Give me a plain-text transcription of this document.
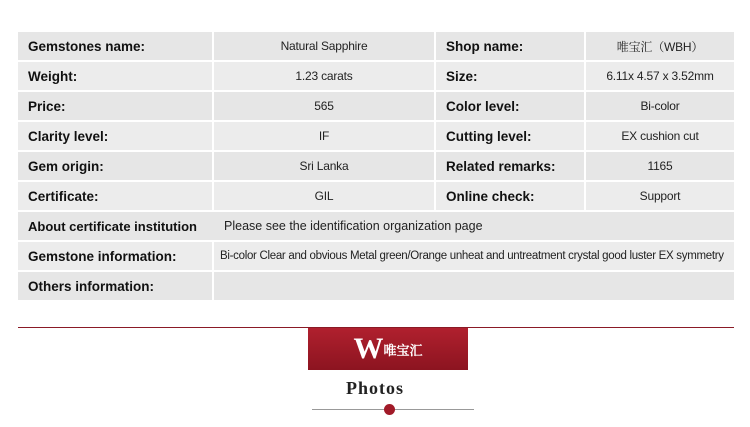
Gemstones name:	Natural Sapphire	Shop name:	唯宝汇（WBH）
Weight:	1.23 carats	Size:	6.11x 4.57 x 3.52mm
Price:	565	Color level:	Bi-color
Clarity level:	IF	Cutting level:	EX cushion cut
Gem origin:	Sri Lanka	Related remarks:	1165
Certificate:	GIL	Online check:	Support
About certificate institution	Please see the identification organization page
Gemstone information:	Bi-color Clear and obvious Metal green/Orange unheat and untreatment crystal good luster EX symmetry
Others information:
W 唯宝汇
Photos
